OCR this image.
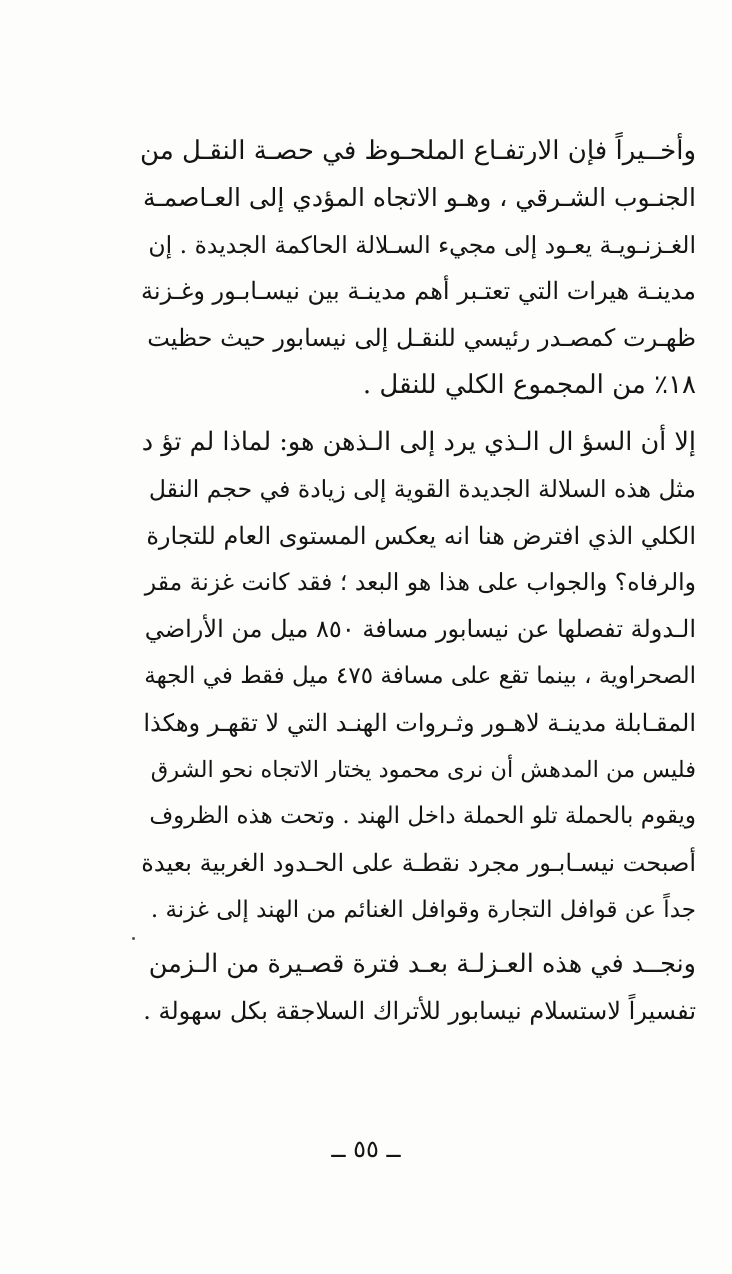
وأخــيراً فإن الارتفـاع الملحـوظ في حصـة النقـل من
الجنـوب الشـرقي ، وهـو الاتجاه المؤدي إلى العـاصمـة
الغـزنـويـة يعـود إلى مجيء السـلالة الحاكمة الجديدة . إن
مدينـة هيرات التي تعتـبر أهم مدينـة بين نيسـابـور وغـزنة
ظهـرت كمصـدر رئيسي للنقـل إلى نيسابور حيث حظيت
١٨٪ من المجموع الكلي للنقل .
إلا أن السؤ ال الـذي يرد إلى الـذهن هو: لماذا لم تؤ د
مثل هذه السلالة الجديدة القوية إلى زيادة في حجم النقل
الكلي الذي افترض هنا انه يعكس المستوى العام للتجارة
والرفاه؟ والجواب على هذا هو البعد ؛ فقد كانت غزنة مقر
الـدولة تفصلها عن نيسابور مسافة ٨٥٠ ميل من الأراضي
الصحراوية ، بينما تقع على مسافة ٤٧٥ ميل فقط في الجهة
المقـابلة مدينـة لاهـور وثـروات الهنـد التي لا تقهـر وهكذا
فليس من المدهش أن نرى محمود يختار الاتجاه نحو الشرق
ويقوم بالحملة تلو الحملة داخل الهند . وتحت هذه الظروف
أصبحت نيسـابـور مجرد نقطـة على الحـدود الغربية بعيدة
جداً عن قوافل التجارة وقوافل الغنائم من الهند إلى غزنة .
ونجــد في هذه العـزلـة بعـد فترة قصـيرة من الـزمن
تفسيراً لاستسلام نيسابور للأتراك السلاجقة بكل سهولة .
ــ ٥٥ ــ
